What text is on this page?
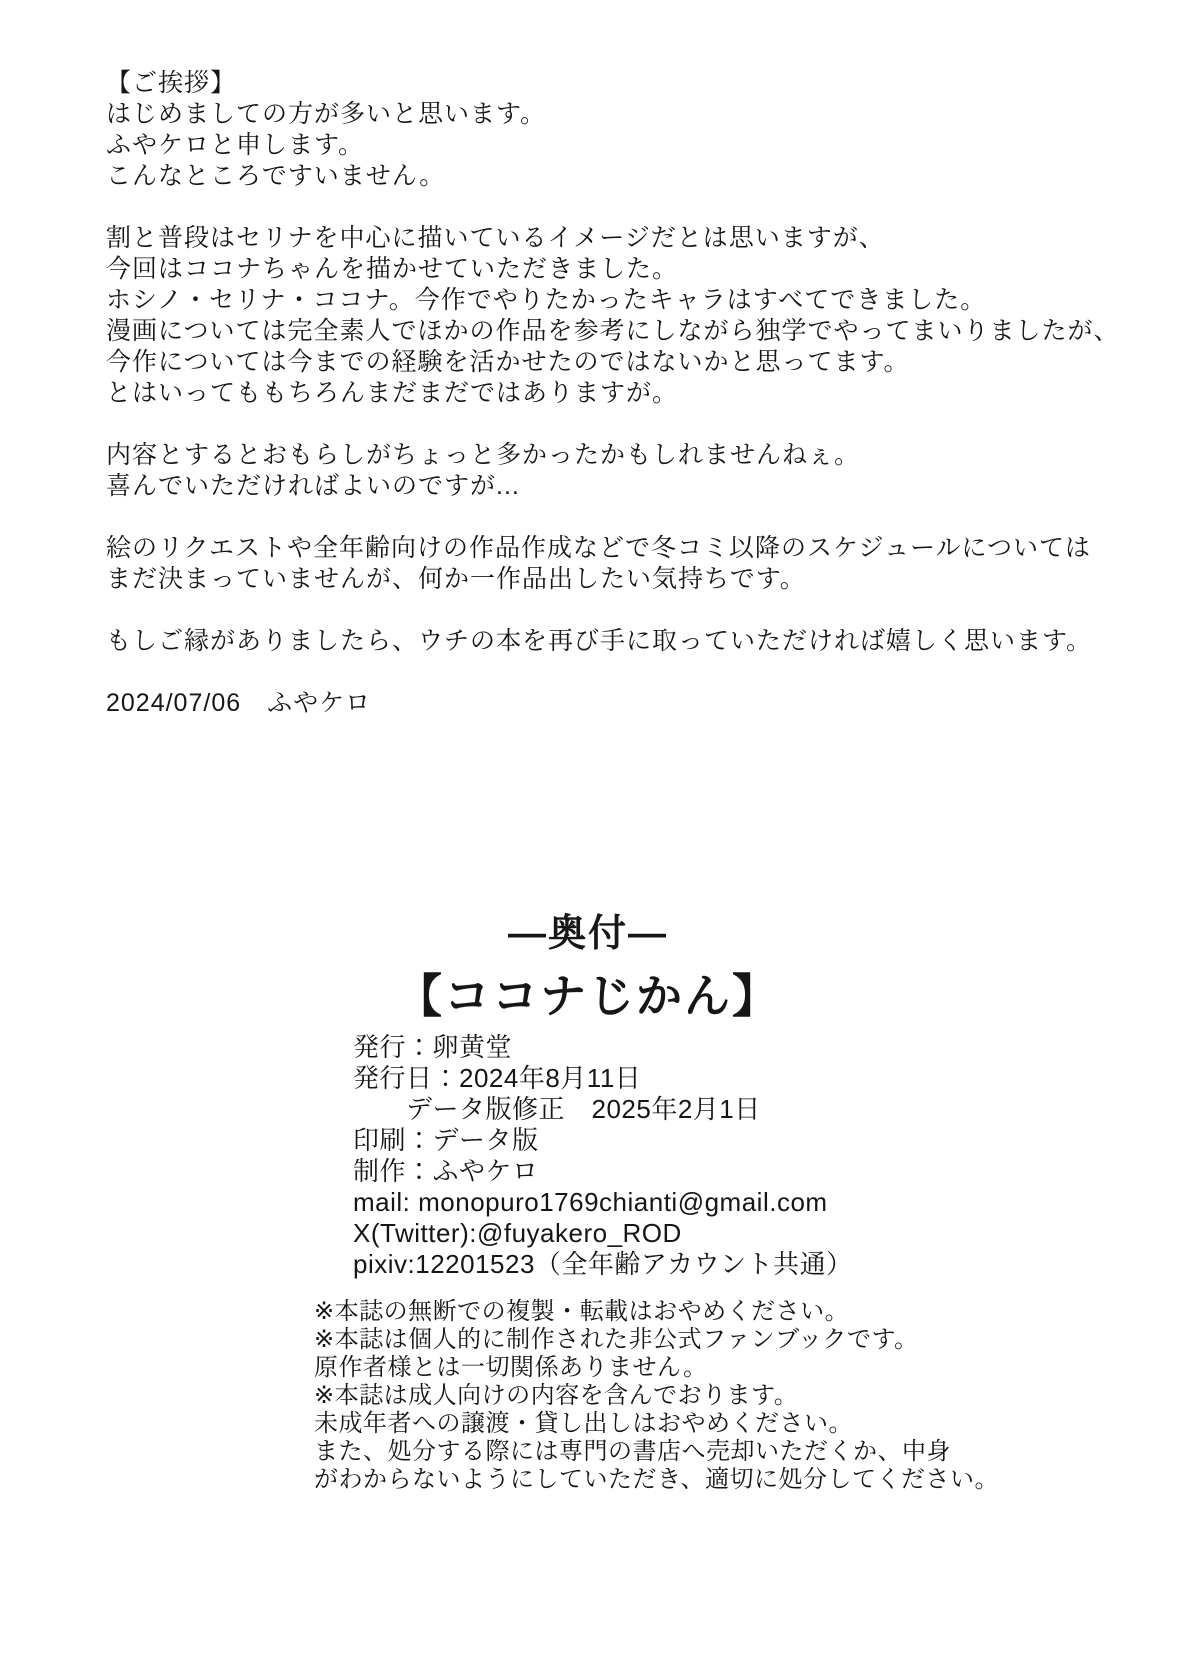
【ご挨拶】
はじめましての方が多いと思います。
ふやケロと申します。
こんなところですいません。

割と普段はセリナを中心に描いているイメージだとは思いますが、
今回はココナちゃんを描かせていただきました。
ホシノ・セリナ・ココナ。今作でやりたかったキャラはすべてできました。
漫画については完全素人でほかの作品を参考にしながら独学でやってまいりましたが、
今作については今までの経験を活かせたのではないかと思ってます。
とはいってももちろんまだまだではありますが。

内容とするとおもらしがちょっと多かったかもしれませんねぇ。
喜んでいただければよいのですが...

絵のリクエストや全年齢向けの作品作成などで冬コミ以降のスケジュールについては
まだ決まっていませんが、何か一作品出したい気持ちです。

もしご縁がありましたら、ウチの本を再び手に取っていただければ嬉しく思います。

2024/07/06　ふやケロ
―奥付―
【ココナじかん】
発行：卵黄堂
発行日：2024年8月11日
　　データ版修正　2025年2月1日
印刷：データ版
制作：ふやケロ
mail: monopuro1769chianti@gmail.com
X(Twitter):@fuyakero_ROD
pixiv:12201523（全年齢アカウント共通）
※本誌の無断での複製・転載はおやめください。
※本誌は個人的に制作された非公式ファンブックです。
原作者様とは一切関係ありません。
※本誌は成人向けの内容を含んでおります。
未成年者への譲渡・貸し出しはおやめください。
また、処分する際には専門の書店へ売却いただくか、中身
がわからないようにしていただき、適切に処分してください。
